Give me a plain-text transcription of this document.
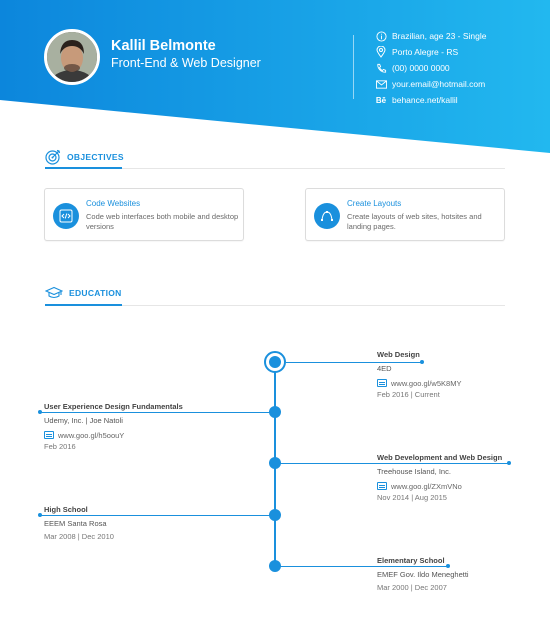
Kallil Belmonte
Front-End & Web Designer
Brazilian, age 23 - Single
Porto Alegre - RS
(00) 0000 0000
your.email@hotmail.com
Bē behance.net/kallil
OBJECTIVES
Code Websites
Code web interfaces both mobile and desktop versions
Create Layouts
Create layouts of web sites, hotsites and landing pages.
EDUCATION
Web Design
4ED
www.goo.gl/w5K8MY
Feb 2016 | Current
User Experience Design Fundamentals
Udemy, Inc. | Joe Natoli
www.goo.gl/h5oouY
Feb 2016
Web Development and Web Design
Treehouse Island, Inc.
www.goo.gl/ZXmVNo
Nov 2014 | Aug 2015
High School
EEEM Santa Rosa
Mar 2008 | Dec 2010
Elementary School
EMEF Gov. Ildo Meneghetti
Mar 2000 | Dec 2007
